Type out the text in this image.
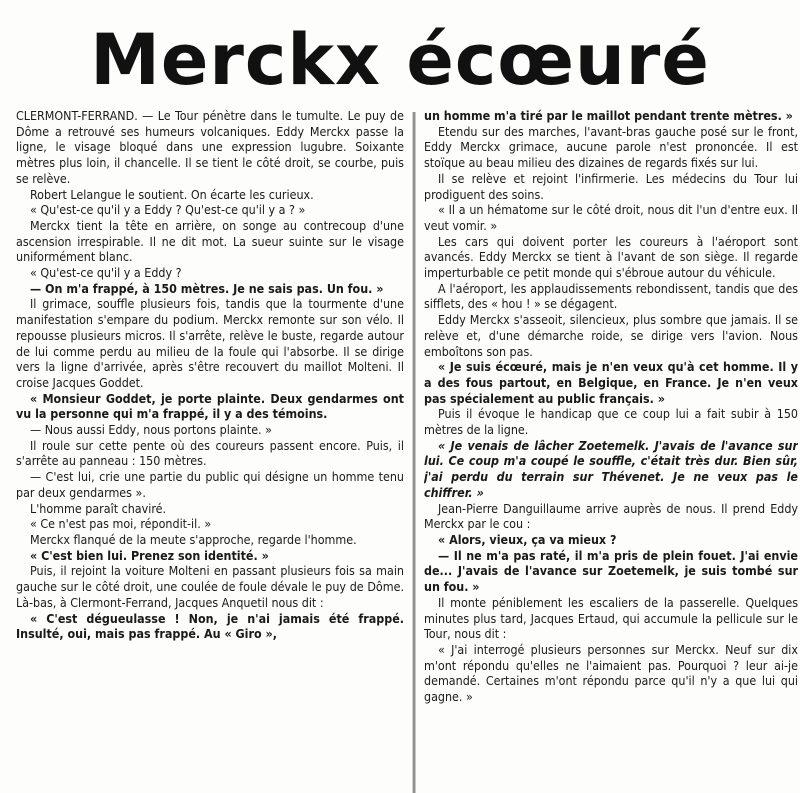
Merckx écœuré

CLERMONT-FERRAND. — Le Tour pénètre dans le tumulte. Le puy de Dôme a retrouvé ses humeurs volcaniques. Eddy Merckx passe la ligne, le visage bloqué dans une expression lugubre. Soixante mètres plus loin, il chancelle. Il se tient le côté droit, se courbe, puis se relève.

Robert Lelangue le soutient. On écarte les curieux.

« Qu'est-ce qu'il y a Eddy ? Qu'est-ce qu'il y a ? »

Merckx tient la tête en arrière, on songe au contrecoup d'une ascension irrespirable. Il ne dit mot. La sueur suinte sur le visage uniformément blanc.

« Qu'est-ce qu'il y a Eddy ?

— On m'a frappé, à 150 mètres. Je ne sais pas. Un fou. »

Il grimace, souffle plusieurs fois, tandis que la tourmente d'une manifestation s'empare du podium. Merckx remonte sur son vélo. Il repousse plusieurs micros. Il s'arrête, relève le buste, regarde autour de lui comme perdu au milieu de la foule qui l'absorbe. Il se dirige vers la ligne d'arrivée, après s'être recouvert du maillot Molteni. Il croise Jacques Goddet.

« Monsieur Goddet, je porte plainte. Deux gendarmes ont vu la personne qui m'a frappé, il y a des témoins.

— Nous aussi Eddy, nous portons plainte. »

Il roule sur cette pente où des coureurs passent encore. Puis, il s'arrête au panneau : 150 mètres.

— C'est lui, crie une partie du public qui désigne un homme tenu par deux gendarmes ».

L'homme paraît chaviré.

« Ce n'est pas moi, répondit-il. »

Merckx flanqué de la meute s'approche, regarde l'homme.

« C'est bien lui. Prenez son identité. »

Puis, il rejoint la voiture Molteni en passant plusieurs fois sa main gauche sur le côté droit, une coulée de foule dévale le puy de Dôme. Là-bas, à Clermont-Ferrand, Jacques Anquetil nous dit :

« C'est dégueulasse ! Non, je n'ai jamais été frappé. Insulté, oui, mais pas frappé. Au « Giro »,

un homme m'a tiré par le maillot pendant trente mètres. »

Etendu sur des marches, l'avant-bras gauche posé sur le front, Eddy Merckx grimace, aucune parole n'est prononcée. Il est stoïque au beau milieu des dizaines de regards fixés sur lui.

Il se relève et rejoint l'infirmerie. Les médecins du Tour lui prodiguent des soins.

« Il a un hématome sur le côté droit, nous dit l'un d'entre eux. Il veut vomir. »

Les cars qui doivent porter les coureurs à l'aéroport sont avancés. Eddy Merckx se tient à l'avant de son siège. Il regarde imperturbable ce petit monde qui s'ébroue autour du véhicule.

A l'aéroport, les applaudissements rebondissent, tandis que des sifflets, des « hou ! » se dégagent.

Eddy Merckx s'asseoit, silencieux, plus sombre que jamais. Il se relève et, d'une démarche roide, se dirige vers l'avion. Nous emboîtons son pas.

« Je suis écœuré, mais je n'en veux qu'à cet homme. Il y a des fous partout, en Belgique, en France. Je n'en veux pas spécialement au public français. »

Puis il évoque le handicap que ce coup lui a fait subir à 150 mètres de la ligne.

« Je venais de lâcher Zoetemelk. J'avais de l'avance sur lui. Ce coup m'a coupé le souffle, c'était très dur. Bien sûr, j'ai perdu du terrain sur Thévenet. Je ne veux pas le chiffrer. »

Jean-Pierre Danguillaume arrive auprès de nous. Il prend Eddy Merckx par le cou :

« Alors, vieux, ça va mieux ?

— Il ne m'a pas raté, il m'a pris de plein fouet. J'ai envie de... J'avais de l'avance sur Zoetemelk, je suis tombé sur un fou. »

Il monte péniblement les escaliers de la passerelle. Quelques minutes plus tard, Jacques Ertaud, qui accumule la pellicule sur le Tour, nous dit :

« J'ai interrogé plusieurs personnes sur Merckx. Neuf sur dix m'ont répondu qu'elles ne l'aimaient pas. Pourquoi ? leur ai-je demandé. Certaines m'ont répondu parce qu'il n'y a que lui qui gagne. »
